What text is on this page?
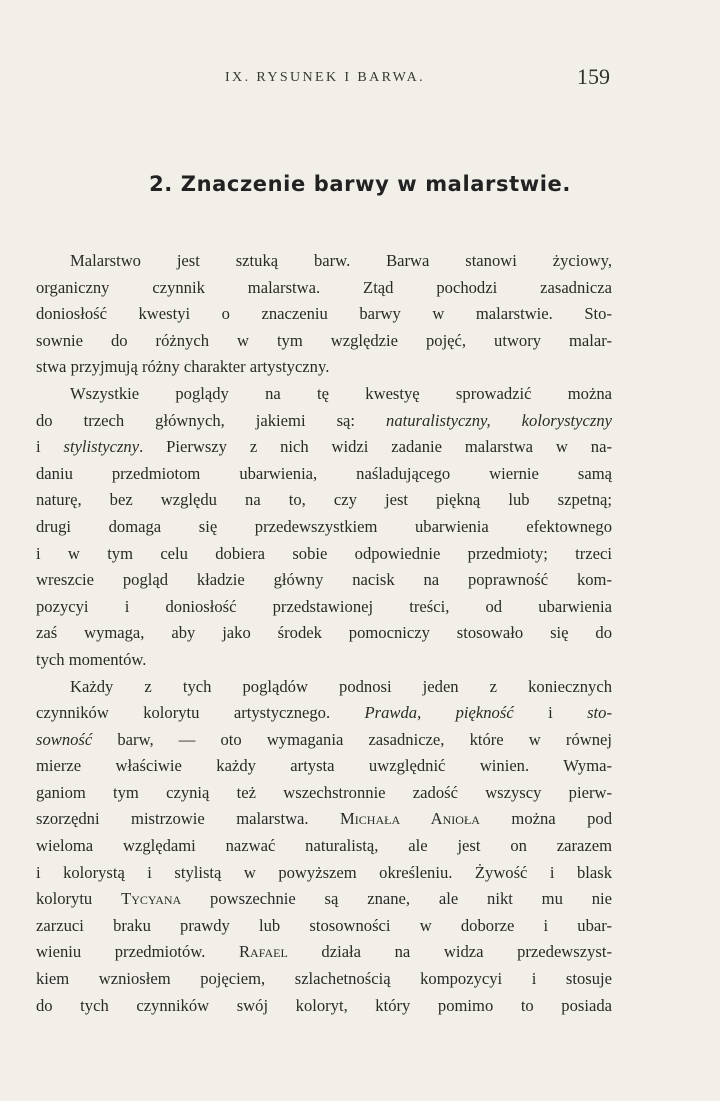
IX. RYSUNEK I BARWA.	159
2. Znaczenie barwy w malarstwie.
Malarstwo jest sztuką barw. Barwa stanowi życiowy,
organiczny czynnik malarstwa. Ztąd pochodzi zasadnicza
doniosłość kwestyi o znaczeniu barwy w malarstwie. Sto-
sownie do różnych w tym względzie pojęć, utwory malar-
stwa przyjmują różny charakter artystyczny.
Wszystkie poglądy na tę kwestyę sprowadzić można
do trzech głównych, jakiemi są: naturalistyczny, kolorystyczny
i stylistyczny. Pierwszy z nich widzi zadanie malarstwa w na-
daniu przedmiotom ubarwienia, naśladującego wiernie samą
naturę, bez względu na to, czy jest piękną lub szpetną;
drugi domaga się przedewszystkiem ubarwienia efektownego
i w tym celu dobiera sobie odpowiednie przedmioty; trzeci
wreszcie pogląd kładzie główny nacisk na poprawność kom-
pozycyi i doniosłość przedstawionej treści, od ubarwienia
zaś wymaga, aby jako środek pomocniczy stosowało się do
tych momentów.
Każdy z tych poglądów podnosi jeden z koniecznych
czynników kolorytu artystycznego. Prawda, piękność i sto-
sowność barw, — oto wymagania zasadnicze, które w równej
mierze właściwie każdy artysta uwzględnić winien. Wyma-
ganiom tym czynią też wszechstronnie zadość wszyscy pierw-
szorzędni mistrzowie malarstwa. Michała Anioła można pod
wieloma względami nazwać naturalistą, ale jest on zarazem
i kolorystą i stylistą w powyższem określeniu. Żywość i blask
kolorytu Tycyana powszechnie są znane, ale nikt mu nie
zarzuci braku prawdy lub stosowności w doborze i ubar-
wieniu przedmiotów. Rafael działa na widza przedewszyst-
kiem wzniosłem pojęciem, szlachetnością kompozycyi i stosuje
do tych czynników swój koloryt, który pomimo to posiada
